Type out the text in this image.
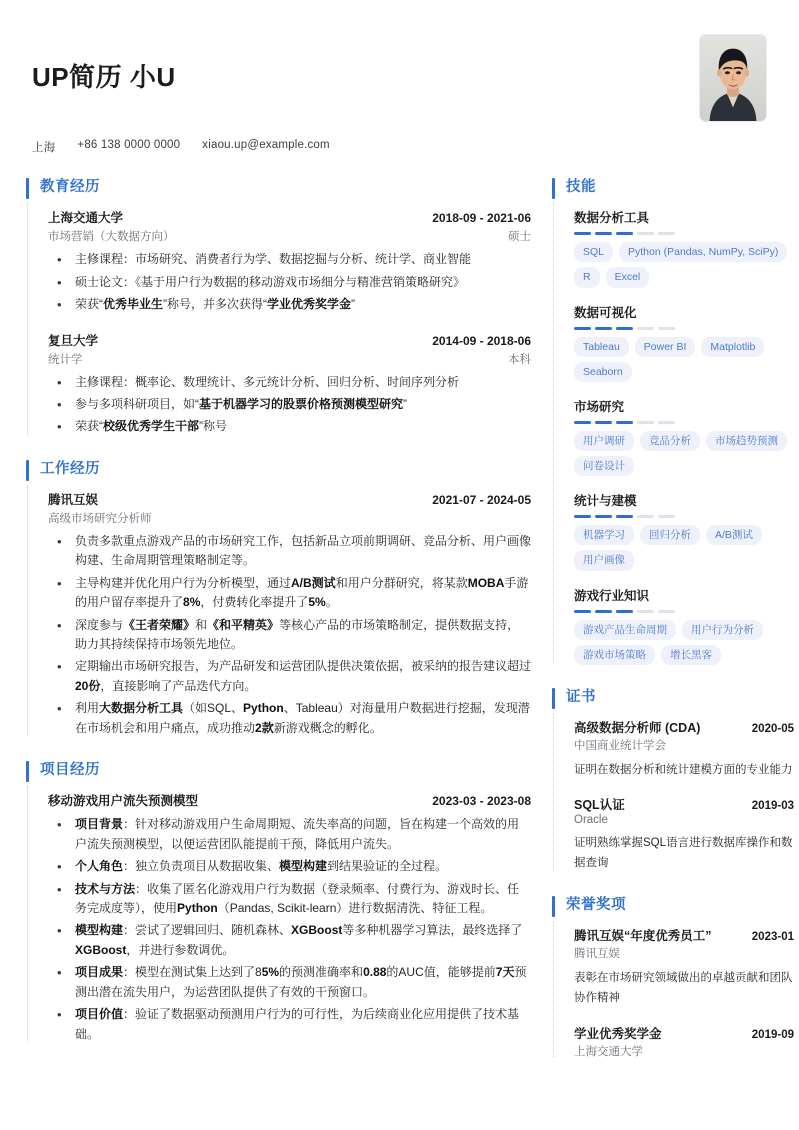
UP简历 小U
上海 +86 138 0000 0000 xiaou.up@example.com
教育经历
上海交通大学	2018-09 - 2021-06
市场营销（大数据方向）	硕士
• 主修课程：市场研究、消费者行为学、数据挖掘与分析、统计学、商业智能
• 硕士论文：《基于用户行为数据的移动游戏市场细分与精准营销策略研究》
• 荣获“优秀毕业生”称号，并多次获得“学业优秀奖学金”
复旦大学	2014-09 - 2018-06
统计学	本科
• 主修课程：概率论、数理统计、多元统计分析、回归分析、时间序列分析
• 参与多项科研项目，如“基于机器学习的股票价格预测模型研究”
• 荣获“校级优秀学生干部”称号
工作经历
腾讯互娱	2021-07 - 2024-05
高级市场研究分析师
• 负责多款重点游戏产品的市场研究工作，包括新品立项前期调研、竞品分析、用户画像构建、生命周期管理策略制定等。
• 主导构建并优化用户行为分析模型，通过A/B测试和用户分群研究，将某款MOBA手游的用户留存率提升了8%，付费转化率提升了5%。
• 深度参与《王者荣耀》和《和平精英》等核心产品的市场策略制定，提供数据支持，助力其持续保持市场领先地位。
• 定期输出市场研究报告，为产品研发和运营团队提供决策依据，被采纳的报告建议超过20份，直接影响了产品迭代方向。
• 利用大数据分析工具（如SQL、Python、Tableau）对海量用户数据进行挖掘，发现潜在市场机会和用户痛点，成功推动2款新游戏概念的孵化。
项目经历
移动游戏用户流失预测模型	2023-03 - 2023-08
• 项目背景：针对移动游戏用户生命周期短、流失率高的问题，旨在构建一个高效的用户流失预测模型，以便运营团队能提前干预，降低用户流失。
• 个人角色：独立负责项目从数据收集、模型构建到结果验证的全过程。
• 技术与方法：收集了匿名化游戏用户行为数据（登录频率、付费行为、游戏时长、任务完成度等），使用Python（Pandas, Scikit-learn）进行数据清洗、特征工程。
• 模型构建：尝试了逻辑回归、随机森林、XGBoost等多种机器学习算法，最终选择了XGBoost，并进行参数调优。
• 项目成果：模型在测试集上达到了85%的预测准确率和0.88的AUC值，能够提前7天预测出潜在流失用户，为运营团队提供了有效的干预窗口。
• 项目价值：验证了数据驱动预测用户行为的可行性，为后续商业化应用提供了技术基础。
技能
数据分析工具
SQL	Python (Pandas, NumPy, SciPy)
R	Excel
数据可视化
Tableau	Power BI	Matplotlib
Seaborn
市场研究
用户调研	竞品分析	市场趋势预测
问卷设计
统计与建模
机器学习	回归分析	A/B测试
用户画像
游戏行业知识
游戏产品生命周期	用户行为分析
游戏市场策略	增长黑客
证书
高级数据分析师 (CDA)	2020-05
中国商业统计学会
证明在数据分析和统计建模方面的专业能力
SQL认证	2019-03
Oracle
证明熟练掌握SQL语言进行数据库操作和数据查询
荣誉奖项
腾讯互娱“年度优秀员工”	2023-01
腾讯互娱
表彰在市场研究领域做出的卓越贡献和团队协作精神
学业优秀奖学金	2019-09
上海交通大学
